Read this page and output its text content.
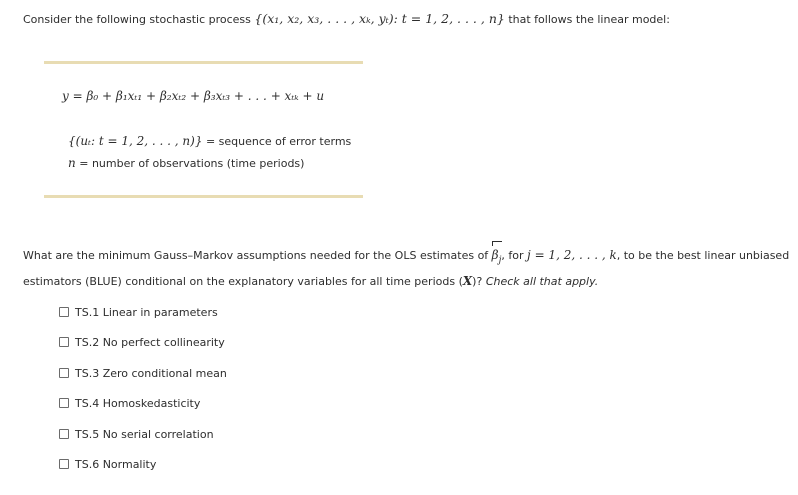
Consider the following stochastic process {(x₁, x₂, x₃, . . . , xₖ, yₜ): t = 1, 2, . . . , n} that follows the linear model:
y = β₀ + β₁xₜ₁ + β₂xₜ₂ + β₃xₜ₃ + . . . + xₜₖ + u
{(uₜ: t = 1, 2, . . . , n)} = sequence of error terms
n = number of observations (time periods)
What are the minimum Gauss–Markov assumptions needed for the OLS estimates of $\beta_j$, for j = 1, 2, . . . , k, to be the best linear unbiased estimators (BLUE) conditional on the explanatory variables for all time periods (X)? Check all that apply.
TS.1 Linear in parameters
TS.2 No perfect collinearity
TS.3 Zero conditional mean
TS.4 Homoskedasticity
TS.5 No serial correlation
TS.6 Normality
